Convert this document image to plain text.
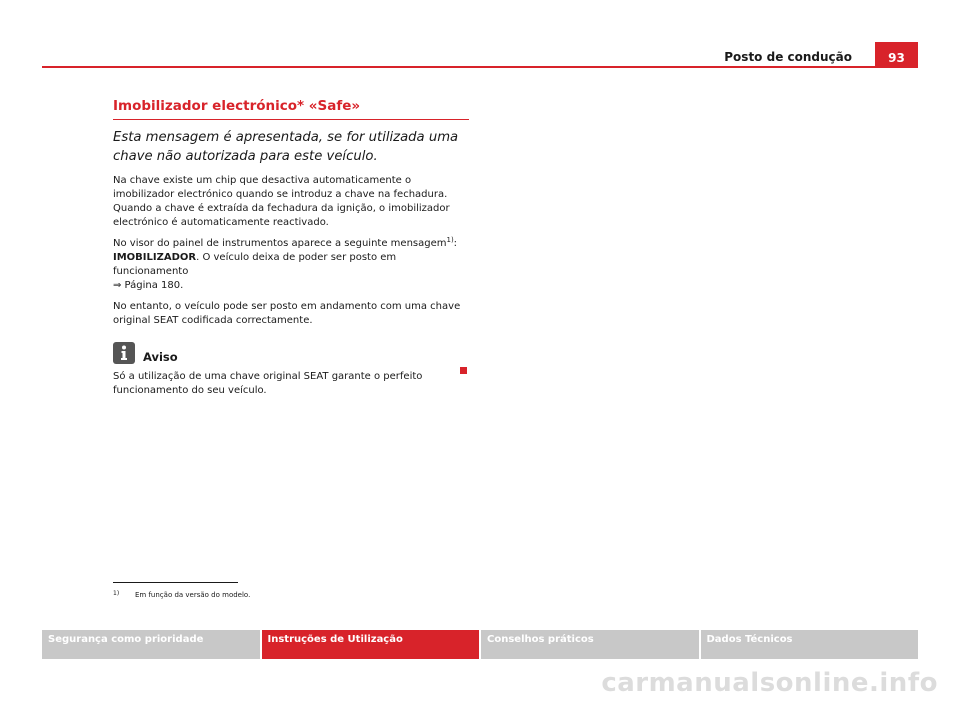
Posto de condução	93
Imobilizador electrónico* «Safe»

Esta mensagem é apresentada, se for utilizada uma chave não autorizada para este veículo.

Na chave existe um chip que desactiva automaticamente o imobilizador electrónico quando se introduz a chave na fechadura. Quando a chave é extraída da fechadura da ignição, o imobilizador electrónico é automaticamente reactivado.

No visor do painel de instrumentos aparece a seguinte mensagem$^{1)}$: IMOBILIZADOR. O veículo deixa de poder ser posto em funcionamento
⇒ Página 180.

No entanto, o veículo pode ser posto em andamento com uma chave original SEAT codificada correctamente.

Aviso

Só a utilização de uma chave original SEAT garante o perfeito funcionamento do seu veículo.

1) Em função da versão do modelo.
Segurança como prioridade	Instruções de Utilização	Conselhos práticos	Dados Técnicos
carmanualsonline.info
